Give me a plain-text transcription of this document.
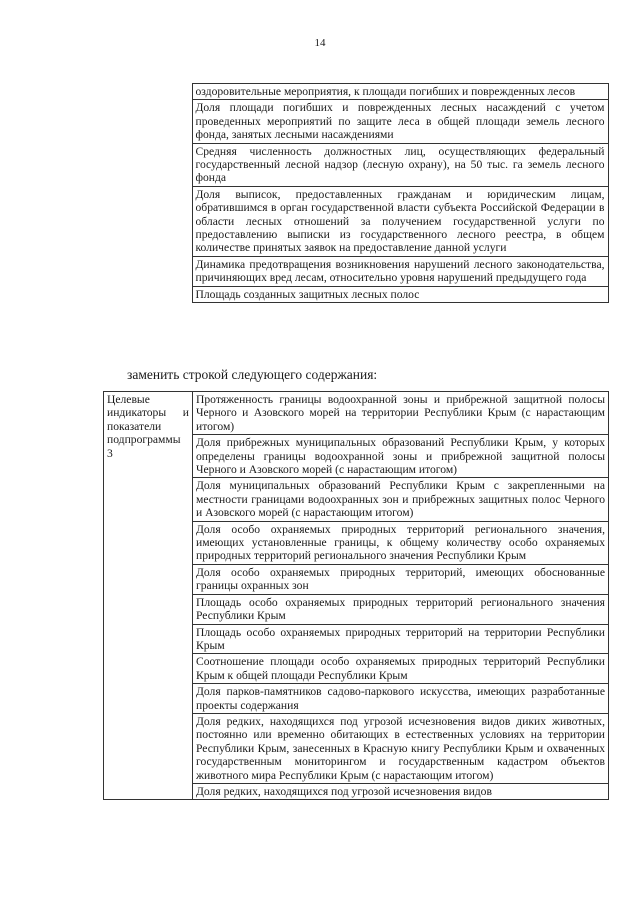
14
	оздоровительные мероприятия, к площади погибших и поврежденных лесов
Доля площади погибших и поврежденных лесных насаждений с учетом проведенных мероприятий по защите леса в общей площади земель лесного фонда, занятых лесными насаждениями
Средняя численность должностных лиц, осуществляющих федеральный государственный лесной надзор (лесную охрану), на 50 тыс. га земель лесного фонда
Доля выписок, предоставленных гражданам и юридическим лицам, обратившимся в орган государственной власти субъекта Российской Федерации в области лесных отношений за получением государственной услуги по предоставлению выписки из государственного лесного реестра, в общем количестве принятых заявок на предоставление данной услуги
Динамика предотвращения возникновения нарушений лесного законодательства, причиняющих вред лесам, относительно уровня нарушений предыдущего года
Площадь созданных защитных лесных полос
заменить строкой следующего содержания:
Целевые индикаторы и показатели подпрограммы 3	Протяженность границы водоохранной зоны и прибрежной защитной полосы Черного и Азовского морей на территории Республики Крым (с нарастающим итогом)
Доля прибрежных муниципальных образований Республики Крым, у которых определены границы водоохранной зоны и прибрежной защитной полосы Черного и Азовского морей (с нарастающим итогом)
Доля муниципальных образований Республики Крым с закрепленными на местности границами водоохранных зон и прибрежных защитных полос Черного и Азовского морей (с нарастающим итогом)
Доля особо охраняемых природных территорий регионального значения, имеющих установленные границы, к общему количеству особо охраняемых природных территорий регионального значения Республики Крым
Доля особо охраняемых природных территорий, имеющих обоснованные границы охранных зон
Площадь особо охраняемых природных территорий регионального значения Республики Крым
Площадь особо охраняемых природных территорий на территории Республики Крым
Соотношение площади особо охраняемых природных территорий Республики Крым к общей площади Республики Крым
Доля парков-памятников садово-паркового искусства, имеющих разработанные проекты содержания
Доля редких, находящихся под угрозой исчезновения видов диких животных, постоянно или временно обитающих в естественных условиях на территории Республики Крым, занесенных в Красную книгу Республики Крым и охваченных государственным мониторингом и государственным кадастром объектов животного мира Республики Крым (с нарастающим итогом)
Доля редких, находящихся под угрозой исчезновения видов
